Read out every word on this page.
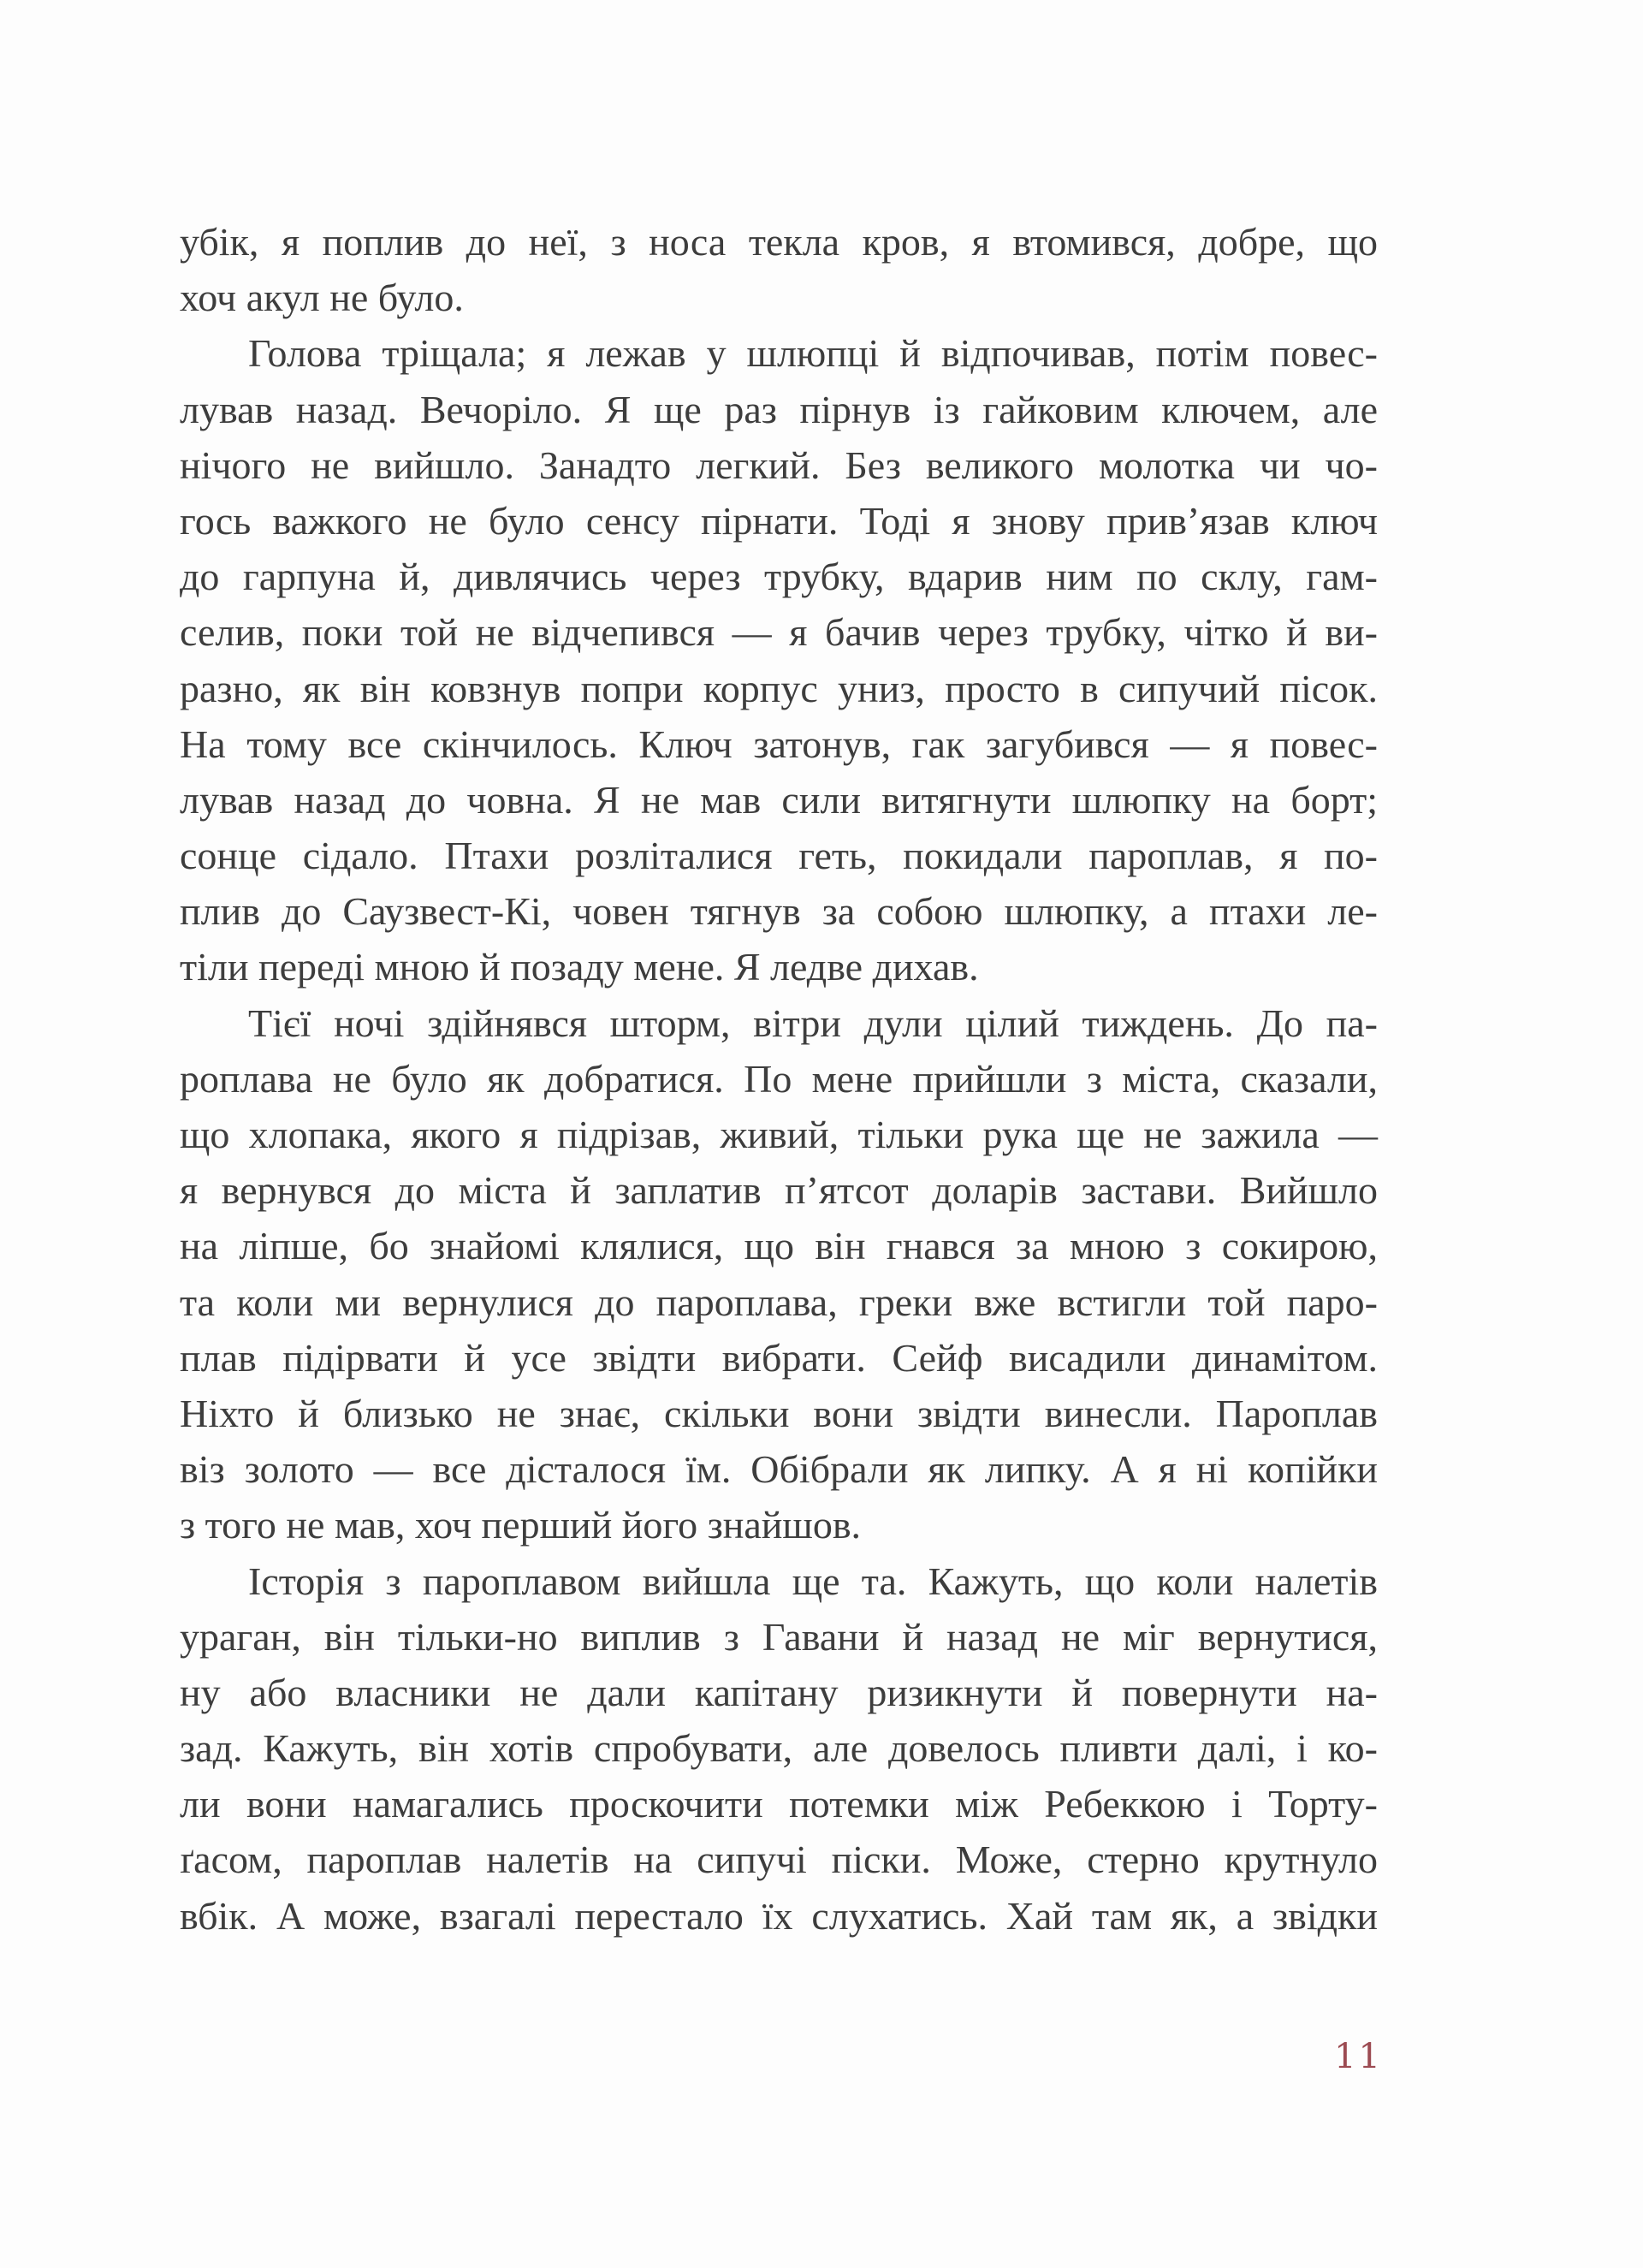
убік, я поплив до неї, з носа текла кров, я втомився, добре, що
хоч акул не було.
Голова тріщала; я лежав у шлюпці й відпочивав, потім повес-
лував назад. Вечоріло. Я ще раз пірнув із гайковим ключем, але
нічого не вийшло. Занадто легкий. Без великого молотка чи чо-
гось важкого не було сенсу пірнати. Тоді я знову прив’язав ключ
до гарпуна й, дивлячись через трубку, вдарив ним по склу, гам-
селив, поки той не відчепився — я бачив через трубку, чітко й ви-
разно, як він ковзнув попри корпус униз, просто в сипучий пісок.
На тому все скінчилось. Ключ затонув, гак загубився — я повес-
лував назад до човна. Я не мав сили витягнути шлюпку на борт;
сонце сідало. Птахи розліталися геть, покидали пароплав, я по-
плив до Саузвест-Кі, човен тягнув за собою шлюпку, а птахи ле-
тіли переді мною й позаду мене. Я ледве дихав.
Тієї ночі здійнявся шторм, вітри дули цілий тиждень. До па-
роплава не було як добратися. По мене прийшли з міста, сказали,
що хлопака, якого я підрізав, живий, тільки рука ще не зажила —
я вернувся до міста й заплатив п’ятсот доларів застави. Вийшло
на ліпше, бо знайомі клялися, що він гнався за мною з сокирою,
та коли ми вернулися до пароплава, греки вже встигли той паро-
плав підірвати й усе звідти вибрати. Сейф висадили динамітом.
Ніхто й близько не знає, скільки вони звідти винесли. Пароплав
віз золото — все дісталося їм. Обібрали як липку. А я ні копійки
з того не мав, хоч перший його знайшов.
Історія з пароплавом вийшла ще та. Кажуть, що коли налетів
ураган, він тільки-но виплив з Гавани й назад не міг вернутися,
ну або власники не дали капітану ризикнути й повернути на-
зад. Кажуть, він хотів спробувати, але довелось пливти далі, і ко-
ли вони намагались проскочити потемки між Ребеккою і Торту-
ґасом, пароплав налетів на сипучі піски. Може, стерно крутнуло
вбік. А може, взагалі перестало їх слухатись. Хай там як, а звідки
11
